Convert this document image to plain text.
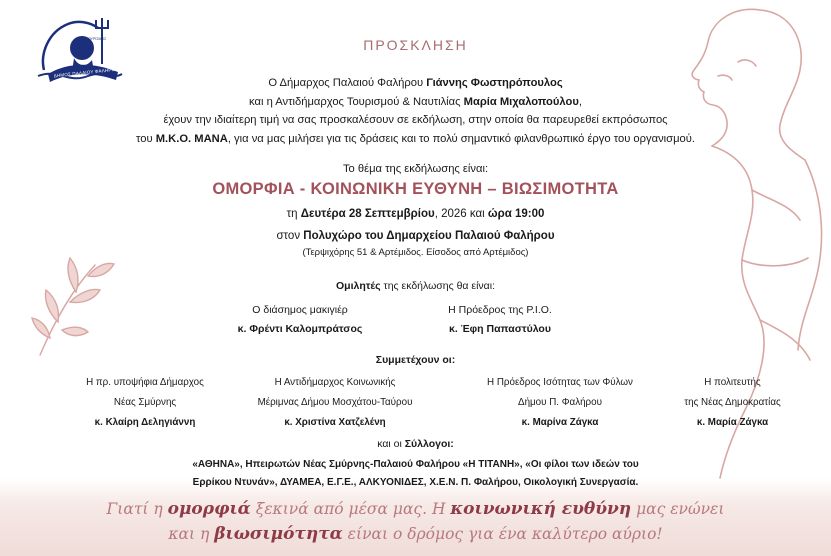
ΤΟΥΡΙΣΜΟΣ
ΔΗΜΟΣ ΠΑΛΑΙΟΥ ΦΑΛΗΡΟΥ
ΠΡΟΣΚΛΗΣΗ
Ο Δήμαρχος Παλαιού Φαλήρου Γιάννης Φωστηρόπουλος
και η Αντιδήμαρχος Τουρισμού & Ναυτιλίας Μαρία Μιχαλοπούλου,
έχουν την ιδιαίτερη τιμή να σας προσκαλέσουν σε εκδήλωση, στην οποία θα παρευρεθεί εκπρόσωπος
του Μ.Κ.Ο. ΜΑΝΑ, για να μας μιλήσει για τις δράσεις και το πολύ σημαντικό φιλανθρωπικό έργο του οργανισμού.
Το θέμα της εκδήλωσης είναι:
ΟΜΟΡΦΙΑ - ΚΟΙΝΩΝΙΚΗ ΕΥΘΥΝΗ – ΒΙΩΣΙΜΟΤΗΤΑ
τη Δευτέρα 28 Σεπτεμβρίου, 2026 και ώρα 19:00
στον Πολυχώρο του Δημαρχείου Παλαιού Φαλήρου
(Τερψιχόρης 51 & Αρτέμιδος. Είσοδος από Αρτέμιδος)
Ομιλητές της εκδήλωσης θα είναι:
Ο διάσημος μακιγιέρ
κ. Φρέντι Καλομπράτσος
Η Πρόεδρος της Ρ.Ι.Ο.
κ. Έφη Παπαστύλου
Συμμετέχουν οι:
Η πρ. υποψήφια Δήμαρχος
Νέας Σμύρνης
κ. Κλαίρη Δεληγιάννη
Η Αντιδήμαρχος Κοινωνικής
Μέριμνας Δήμου Μοσχάτου-Ταύρου
κ. Χριστίνα Χατζελένη
Η Πρόεδρος Ισότητας των Φύλων
Δήμου Π. Φαλήρου
κ. Μαρίνα Ζάγκα
Η πολιτευτής
της Νέας Δημοκρατίας
κ. Μαρία Ζάγκα
και οι Σύλλογοι:
«ΑΘΗΝΑ», Ηπειρωτών Νέας Σμύρνης-Παλαιού Φαλήρου «Η ΤΙΤΑΝΗ», «Οι φίλοι των ιδεών του
Ερρίκου Ντυνάν», ΔΥΑΜΕΑ, Ε.Γ.Ε., ΑΛΚΥΟΝΙΔΕΣ, Χ.Ε.Ν. Π. Φαλήρου, Οικολογική Συνεργασία.
Γιατί η ομορφιά ξεκινά από μέσα μας. Η κοινωνική ευθύνη μας ενώνει
και η βιωσιμότητα είναι ο δρόμος για ένα καλύτερο αύριο!
